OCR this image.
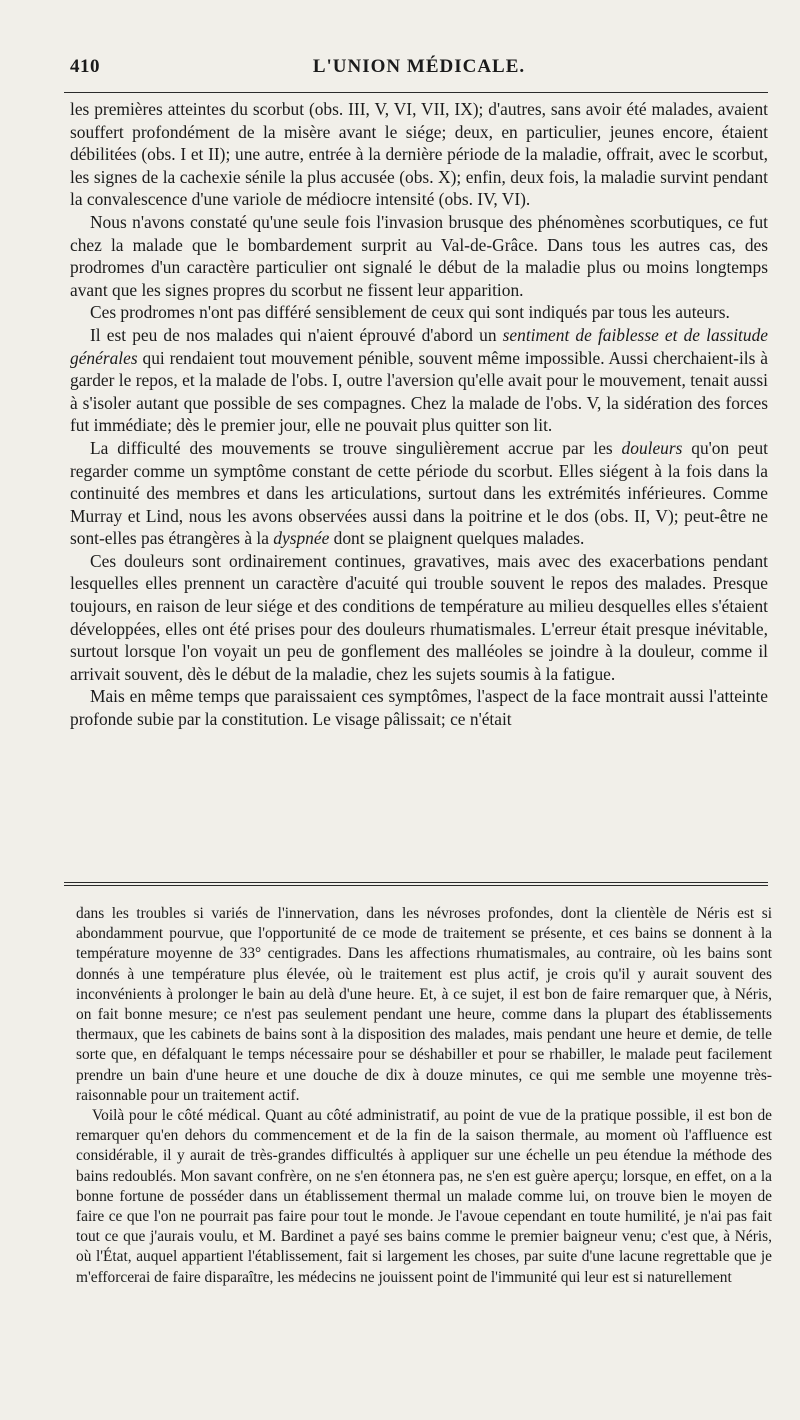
410	L'UNION MÉDICALE.

les premières atteintes du scorbut (obs. III, V, VI, VII, IX); d'autres, sans avoir été malades, avaient souffert profondément de la misère avant le siége; deux, en particulier, jeunes encore, étaient débilitées (obs. I et II); une autre, entrée à la dernière période de la maladie, offrait, avec le scorbut, les signes de la cachexie sénile la plus accusée (obs. X); enfin, deux fois, la maladie survint pendant la convalescence d'une variole de médiocre intensité (obs. IV, VI).

Nous n'avons constaté qu'une seule fois l'invasion brusque des phénomènes scorbutiques, ce fut chez la malade que le bombardement surprit au Val-de-Grâce. Dans tous les autres cas, des prodromes d'un caractère particulier ont signalé le début de la maladie plus ou moins longtemps avant que les signes propres du scorbut ne fissent leur apparition.

Ces prodromes n'ont pas différé sensiblement de ceux qui sont indiqués par tous les auteurs.

Il est peu de nos malades qui n'aient éprouvé d'abord un sentiment de faiblesse et de lassitude générales qui rendaient tout mouvement pénible, souvent même impossible. Aussi cherchaient-ils à garder le repos, et la malade de l'obs. I, outre l'aversion qu'elle avait pour le mouvement, tenait aussi à s'isoler autant que possible de ses compagnes. Chez la malade de l'obs. V, la sidération des forces fut immédiate; dès le premier jour, elle ne pouvait plus quitter son lit.

La difficulté des mouvements se trouve singulièrement accrue par les douleurs qu'on peut regarder comme un symptôme constant de cette période du scorbut. Elles siégent à la fois dans la continuité des membres et dans les articulations, surtout dans les extrémités inférieures. Comme Murray et Lind, nous les avons observées aussi dans la poitrine et le dos (obs. II, V); peut-être ne sont-elles pas étrangères à la dyspnée dont se plaignent quelques malades.

Ces douleurs sont ordinairement continues, gravatives, mais avec des exacerbations pendant lesquelles elles prennent un caractère d'acuité qui trouble souvent le repos des malades. Presque toujours, en raison de leur siége et des conditions de température au milieu desquelles elles s'étaient développées, elles ont été prises pour des douleurs rhumatismales. L'erreur était presque inévitable, surtout lorsque l'on voyait un peu de gonflement des malléoles se joindre à la douleur, comme il arrivait souvent, dès le début de la maladie, chez les sujets soumis à la fatigue.

Mais en même temps que paraissaient ces symptômes, l'aspect de la face montrait aussi l'atteinte profonde subie par la constitution. Le visage pâlissait; ce n'était

dans les troubles si variés de l'innervation, dans les névroses profondes, dont la clientèle de Néris est si abondamment pourvue, que l'opportunité de ce mode de traitement se présente, et ces bains se donnent à la température moyenne de 33° centigrades. Dans les affections rhumatismales, au contraire, où les bains sont donnés à une température plus élevée, où le traitement est plus actif, je crois qu'il y aurait souvent des inconvénients à prolonger le bain au delà d'une heure. Et, à ce sujet, il est bon de faire remarquer que, à Néris, on fait bonne mesure; ce n'est pas seulement pendant une heure, comme dans la plupart des établissements thermaux, que les cabinets de bains sont à la disposition des malades, mais pendant une heure et demie, de telle sorte que, en défalquant le temps nécessaire pour se déshabiller et pour se rhabiller, le malade peut facilement prendre un bain d'une heure et une douche de dix à douze minutes, ce qui me semble une moyenne très-raisonnable pour un traitement actif.

Voilà pour le côté médical. Quant au côté administratif, au point de vue de la pratique possible, il est bon de remarquer qu'en dehors du commencement et de la fin de la saison thermale, au moment où l'affluence est considérable, il y aurait de très-grandes difficultés à appliquer sur une échelle un peu étendue la méthode des bains redoublés. Mon savant confrère, on ne s'en étonnera pas, ne s'en est guère aperçu; lorsque, en effet, on a la bonne fortune de posséder dans un établissement thermal un malade comme lui, on trouve bien le moyen de faire ce que l'on ne pourrait pas faire pour tout le monde. Je l'avoue cependant en toute humilité, je n'ai pas fait tout ce que j'aurais voulu, et M. Bardinet a payé ses bains comme le premier baigneur venu; c'est que, à Néris, où l'État, auquel appartient l'établissement, fait si largement les choses, par suite d'une lacune regrettable que je m'efforcerai de faire disparaître, les médecins ne jouissent point de l'immunité qui leur est si naturellement
